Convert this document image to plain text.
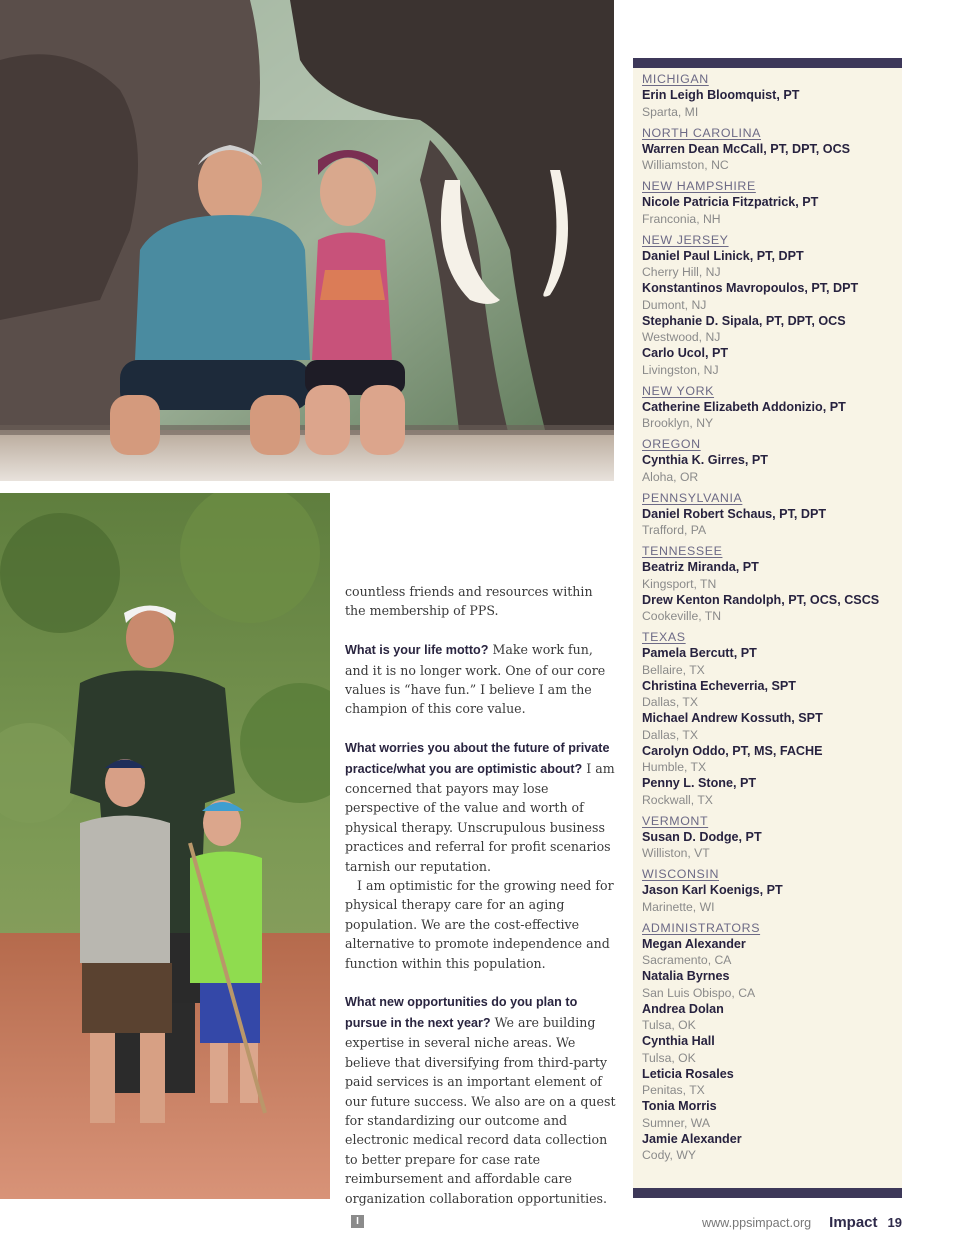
countless friends and resources within the membership of PPS.

What is your life motto? Make work fun, and it is no longer work. One of our core values is “have fun.” I believe I am the champion of this core value.

What worries you about the future of private practice/what you are optimistic about? I am concerned that payors may lose perspective of the value and worth of physical therapy. Unscrupulous business practices and referral for profit scenarios tarnish our reputation.

I am optimistic for the growing need for physical therapy care for an aging population. We are the cost-effective alternative to promote independence and function within this population.

What new opportunities do you plan to pursue in the next year? We are building expertise in several niche areas. We believe that diversifying from third-party paid services is an important element of our future success. We also are on a quest for standardizing our outcome and electronic medical record data collection to better prepare for case rate reimbursement and affordable care organization collaboration opportunities.I

MICHIGAN
Erin Leigh Bloomquist, PT
Sparta, MI
NORTH CAROLINA
Warren Dean McCall, PT, DPT, OCS
Williamston, NC
NEW HAMPSHIRE
Nicole Patricia Fitzpatrick, PT
Franconia, NH
NEW JERSEY
Daniel Paul Linick, PT, DPT
Cherry Hill, NJ
Konstantinos Mavropoulos, PT, DPT
Dumont, NJ
Stephanie D. Sipala, PT, DPT, OCS
Westwood, NJ
Carlo Ucol, PT
Livingston, NJ
NEW YORK
Catherine Elizabeth Addonizio, PT
Brooklyn, NY
OREGON
Cynthia K. Girres, PT
Aloha, OR
PENNSYLVANIA
Daniel Robert Schaus, PT, DPT
Trafford, PA
TENNESSEE
Beatriz Miranda, PT
Kingsport, TN
Drew Kenton Randolph, PT, OCS, CSCS
Cookeville, TN
TEXAS
Pamela Bercutt, PT
Bellaire, TX
Christina Echeverria, SPT
Dallas, TX
Michael Andrew Kossuth, SPT
Dallas, TX
Carolyn Oddo, PT, MS, FACHE
Humble, TX
Penny L. Stone, PT
Rockwall, TX
VERMONT
Susan D. Dodge, PT
Williston, VT
WISCONSIN
Jason Karl Koenigs, PT
Marinette, WI
ADMINISTRATORS
Megan Alexander
Sacramento, CA
Natalia Byrnes
San Luis Obispo, CA
Andrea Dolan
Tulsa, OK
Cynthia Hall
Tulsa, OK
Leticia Rosales
Penitas, TX
Tonia Morris
Sumner, WA
Jamie Alexander
Cody, WY
www.ppsimpact.org Impact 19
